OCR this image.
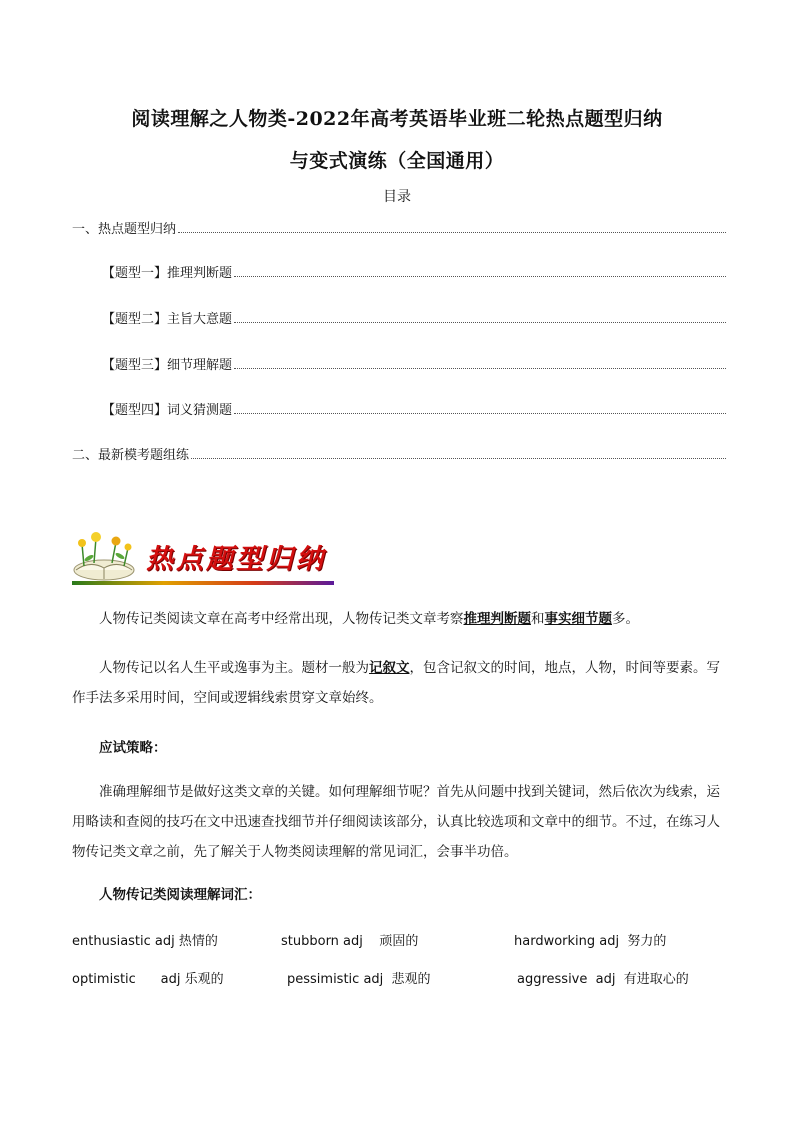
阅读理解之人物类-2022年高考英语毕业班二轮热点题型归纳
与变式演练（全国通用）
目录
一、热点题型归纳
【题型一】推理判断题
【题型二】主旨大意题
【题型三】细节理解题
【题型四】词义猜测题
二、最新模考题组练
热点题型归纳

人物传记类阅读文章在高考中经常出现，人物传记类文章考察推理判断题和事实细节题多。

人物传记以名人生平或逸事为主。题材一般为记叙文，包含记叙文的时间，地点，人物，时间等要素。写作手法多采用时间，空间或逻辑线索贯穿文章始终。

应试策略：

准确理解细节是做好这类文章的关键。如何理解细节呢？首先从问题中找到关键词，然后依次为线索，运用略读和查阅的技巧在文中迅速查找细节并仔细阅读该部分，认真比较选项和文章中的细节。不过，在练习人物传记类文章之前，先了解关于人物类阅读理解的常见词汇，会事半功倍。

人物传记类阅读理解词汇：
enthusiastic adj 热情的	stubborn adj    顽固的	hardworking adj  努力的
optimistic      adj 乐观的	pessimistic adj  悲观的	aggressive  adj  有进取心的
